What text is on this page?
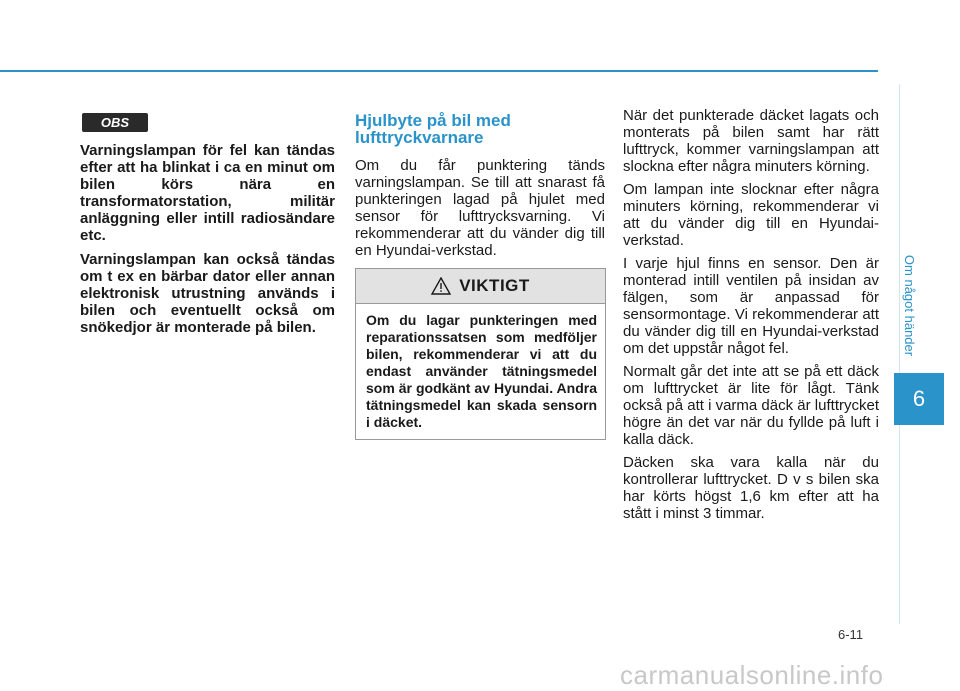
Om något händer
6
OBS

Varningslampan för fel kan tändas efter att ha blinkat i ca en minut om bilen körs nära en transformatorstation, militär anläggning eller intill radiosändare etc.

Varningslampan kan också tändas om t ex en bärbar dator eller annan elektronisk utrustning används i bilen och eventuellt också om snökedjor är monterade på bilen.

Hjulbyte på bil med lufttryckvarnare

Om du får punktering tänds varningslampan. Se till att snarast få punkteringen lagad på hjulet med sensor för lufttrycksvarning. Vi rekommenderar att du vänder dig till en Hyundai-verkstad.

VIKTIGT
Om du lagar punkteringen med reparationssatsen som medföljer bilen, rekommenderar vi att du endast använder tätningsmedel som är godkänt av Hyundai. Andra tätningsmedel kan skada sensorn i däcket.

När det punkterade däcket lagats och monterats på bilen samt har rätt lufttryck, kommer varningslampan att slockna efter några minuters körning.

Om lampan inte slocknar efter några minuters körning, rekommenderar vi att du vänder dig till en Hyundai-verkstad.

I varje hjul finns en sensor. Den är monterad intill ventilen på insidan av fälgen, som är anpassad för sensormontage. Vi rekommenderar att du vänder dig till en Hyundai-verkstad om det uppstår något fel.

Normalt går det inte att se på ett däck om lufttrycket är lite för lågt. Tänk också på att i varma däck är lufttrycket högre än det var när du fyllde på luft i kalla däck.

Däcken ska vara kalla när du kontrollerar lufttrycket. D v s bilen ska har körts högst 1,6 km efter att ha stått i minst 3 timmar.

6-11
carmanualsonline.info
